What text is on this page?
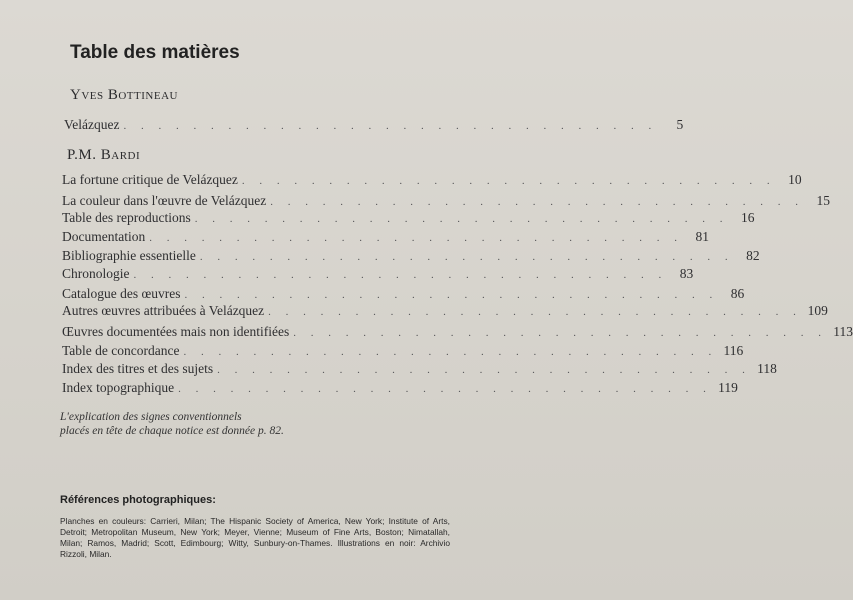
Table des matières
Yves Bottineau
P.M. Bardi
Velázquez . . . . . . . . . . . . . . . . . . . . . . . . . . . . . . .	5
La fortune critique de Velázquez . . . . . . . . . . . . . . . . . . . . . . . . . . . . . . . 10
La couleur dans l'œuvre de Velázquez . . . . . . . . . . . . . . . . . . . . . . . . . . . . . . . 15
Table des reproductions . . . . . . . . . . . . . . . . . . . . . . . . . . . . . . . 16
Documentation . . . . . . . . . . . . . . . . . . . . . . . . . . . . . . . 81
Bibliographie essentielle . . . . . . . . . . . . . . . . . . . . . . . . . . . . . . . 82
Chronologie . . . . . . . . . . . . . . . . . . . . . . . . . . . . . . . 83
Catalogue des œuvres . . . . . . . . . . . . . . . . . . . . . . . . . . . . . . . 86
Autres œuvres attribuées à Velázquez . . . . . . . . . . . . . . . . . . . . . . . . . . . . . . . 109
Œuvres documentées mais non identifiées . . . . . . . . . . . . . . . . . . . . . . . . . . . . . . . 113
Table de concordance . . . . . . . . . . . . . . . . . . . . . . . . . . . . . . . 116
Index des titres et des sujets . . . . . . . . . . . . . . . . . . . . . . . . . . . . . . . 118
Index topographique . . . . . . . . . . . . . . . . . . . . . . . . . . . . . . . 119
L'explication des signes conventionnels
placés en tête de chaque notice est donnée p. 82.
Références photographiques:
Planches en couleurs: Carrieri, Milan; The Hispanic Society of America, New York; Institute of Arts, Detroit; Metropolitan Museum, New York; Meyer, Vienne; Museum of Fine Arts, Boston; Nimatallah, Milan; Ramos, Madrid; Scott, Edimbourg; Witty, Sunbury-on-Thames. Illustrations en noir: Archivio Rizzoli, Milan.
